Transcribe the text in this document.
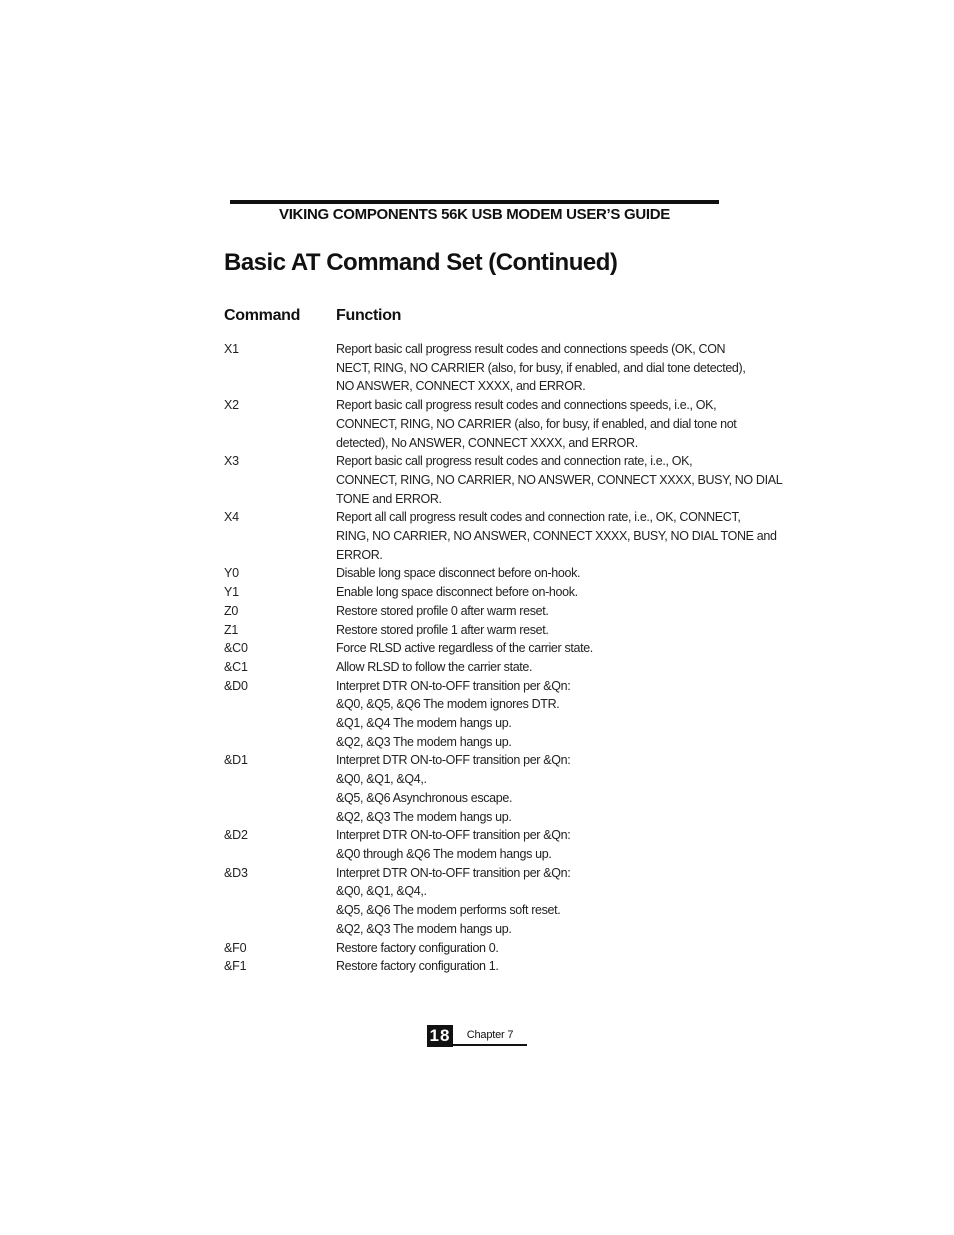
VIKING COMPONENTS 56K USB MODEM USER’S GUIDE
Basic AT Command Set (Continued)
Command Function
X1	Report basic call progress result codes and connections speeds (OK, CON
NECT, RING, NO CARRIER (also, for busy, if enabled, and dial tone detected),
NO ANSWER, CONNECT XXXX, and ERROR.
X2	Report basic call progress result codes and connections speeds, i.e., OK,
CONNECT, RING, NO CARRIER (also, for busy, if enabled, and dial tone not
detected), No ANSWER, CONNECT XXXX, and ERROR.
X3	Report basic call progress result codes and connection rate, i.e., OK,
CONNECT, RING, NO CARRIER, NO ANSWER, CONNECT XXXX, BUSY, NO DIAL
TONE and ERROR.
X4	Report all call progress result codes and connection rate, i.e., OK, CONNECT,
RING, NO CARRIER, NO ANSWER, CONNECT XXXX, BUSY, NO DIAL TONE and
ERROR.
Y0	Disable long space disconnect before on-hook.
Y1	Enable long space disconnect before on-hook.
Z0	Restore stored profile 0 after warm reset.
Z1	Restore stored profile 1 after warm reset.
&C0	Force RLSD active regardless of the carrier state.
&C1	Allow RLSD to follow the carrier state.
&D0	Interpret DTR ON-to-OFF transition per &Qn:
&Q0, &Q5, &Q6 The modem ignores DTR.
&Q1, &Q4 The modem hangs up.
&Q2, &Q3 The modem hangs up.
&D1	Interpret DTR ON-to-OFF transition per &Qn:
&Q0, &Q1, &Q4,.
&Q5, &Q6 Asynchronous escape.
&Q2, &Q3 The modem hangs up.
&D2	Interpret DTR ON-to-OFF transition per &Qn:
&Q0 through &Q6 The modem hangs up.
&D3	Interpret DTR ON-to-OFF transition per &Qn:
&Q0, &Q1, &Q4,.
&Q5, &Q6 The modem performs soft reset.
&Q2, &Q3 The modem hangs up.
&F0	Restore factory configuration 0.
&F1	Restore factory configuration 1.
18	Chapter 7
